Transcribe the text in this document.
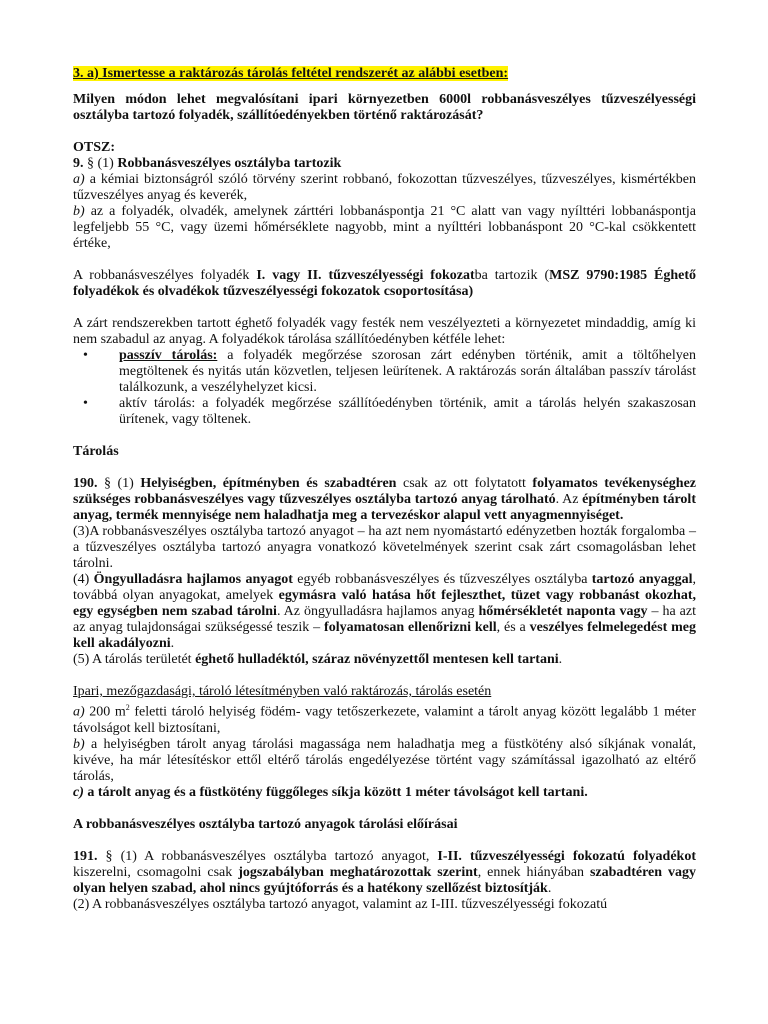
3. a) Ismertesse a raktározás tárolás feltétel rendszerét az alábbi esetben:

Milyen módon lehet megvalósítani ipari környezetben 6000l robbanásveszélyes tűzveszélyességi osztályba tartozó folyadék, szállítóedényekben történő raktározását?

OTSZ:

9. § (1) Robbanásveszélyes osztályba tartozik

a) a kémiai biztonságról szóló törvény szerint robbanó, fokozottan tűzveszélyes, tűzveszélyes, kismértékben tűzveszélyes anyag és keverék,

b) az a folyadék, olvadék, amelynek zárttéri lobbanáspontja 21 °C alatt van vagy nyílttéri lobbanáspontja legfeljebb 55 °C, vagy üzemi hőmérséklete nagyobb, mint a nyílttéri lobbanáspont 20 °C-kal csökkentett értéke,

A robbanásveszélyes folyadék I. vagy II. tűzveszélyességi fokozatba tartozik (MSZ 9790:1985 Éghető folyadékok és olvadékok tűzveszélyességi fokozatok csoportosítása)

A zárt rendszerekben tartott éghető folyadék vagy festék nem veszélyezteti a környezetet mindaddig, amíg ki nem szabadul az anyag. A folyadékok tárolása szállítóedényben kétféle lehet:

• passzív tárolás: a folyadék megőrzése szorosan zárt edényben történik, amit a töltőhelyen megtöltenek és nyitás után közvetlen, teljesen leürítenek. A raktározás során általában passzív tárolást találkozunk, a veszélyhelyzet kicsi.
• aktív tárolás: a folyadék megőrzése szállítóedényben történik, amit a tárolás helyén szakaszosan ürítenek, vagy töltenek.

Tárolás

190. § (1) Helyiségben, építményben és szabadtéren csak az ott folytatott folyamatos tevékenységhez szükséges robbanásveszélyes vagy tűzveszélyes osztályba tartozó anyag tárolható. Az építményben tárolt anyag, termék mennyisége nem haladhatja meg a tervezéskor alapul vett anyagmennyiséget.

(3)A robbanásveszélyes osztályba tartozó anyagot – ha azt nem nyomástartó edényzetben hozták forgalomba – a tűzveszélyes osztályba tartozó anyagra vonatkozó követelmények szerint csak zárt csomagolásban lehet tárolni.

(4) Öngyulladásra hajlamos anyagot egyéb robbanásveszélyes és tűzveszélyes osztályba tartozó anyaggal, továbbá olyan anyagokat, amelyek egymásra való hatása hőt fejleszthet, tüzet vagy robbanást okozhat, egy egységben nem szabad tárolni. Az öngyulladásra hajlamos anyag hőmérsékletét naponta vagy – ha azt az anyag tulajdonságai szükségessé teszik – folyamatosan ellenőrizni kell, és a veszélyes felmelegedést meg kell akadályozni.

(5) A tárolás területét éghető hulladéktól, száraz növényzettől mentesen kell tartani.

Ipari, mezőgazdasági, tároló létesítményben való raktározás, tárolás esetén

a) 200 $m^2$ feletti tároló helyiség födém- vagy tetőszerkezete, valamint a tárolt anyag között legalább 1 méter távolságot kell biztosítani,

b) a helyiségben tárolt anyag tárolási magassága nem haladhatja meg a füstkötény alsó síkjának vonalát, kivéve, ha már létesítéskor ettől eltérő tárolás engedélyezése történt vagy számítással igazolható az eltérő tárolás,

c) a tárolt anyag és a füstkötény függőleges síkja között 1 méter távolságot kell tartani.

A robbanásveszélyes osztályba tartozó anyagok tárolási előírásai

191. § (1) A robbanásveszélyes osztályba tartozó anyagot, I-II. tűzveszélyességi fokozatú folyadékot kiszerelni, csomagolni csak jogszabályban meghatározottak szerint, ennek hiányában szabadtéren vagy olyan helyen szabad, ahol nincs gyújtóforrás és a hatékony szellőzést biztosítják.

(2) A robbanásveszélyes osztályba tartozó anyagot, valamint az I-III. tűzveszélyességi fokozatú
